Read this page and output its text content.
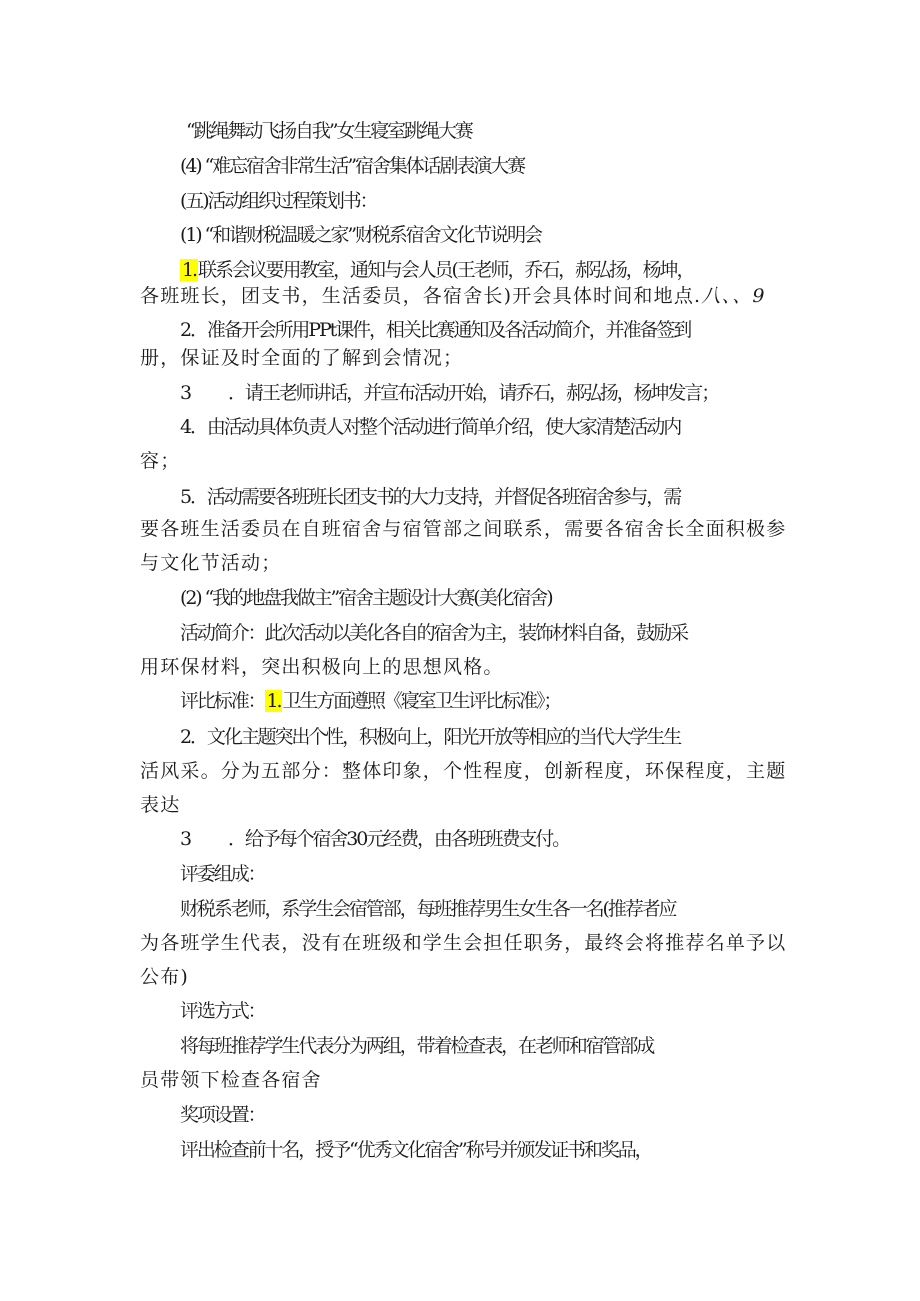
“跳绳舞动飞扬自我”女生寝室跳绳大赛
(4) “难忘宿舍非常生活”宿舍集体话剧表演大赛
(五)活动组织过程策划书：
(1) “和谐财税温暖之家”财税系宿舍文化节说明会
1. 联系会议要用教室，通知与会人员(王老师，乔石，郝弘扬，杨坤，
各班班长，团支书，生活委员，各宿舍长)开会具体时间和地点.八、、9
2．准备开会所用PPt课件，相关比赛通知及各活动简介，并准备签到
册，保证及时全面的了解到会情况；
3 ．请王老师讲话，并宣布活动开始，请乔石，郝弘扬，杨坤发言；
4．由活动具体负责人对整个活动进行简单介绍，使大家清楚活动内
容；
5．活动需要各班班长团支书的大力支持，并督促各班宿舍参与，需
要各班生活委员在自班宿舍与宿管部之间联系，需要各宿舍长全面积极参
与文化节活动；
(2) “我的地盘我做主”宿舍主题设计大赛(美化宿舍)
活动简介：此次活动以美化各自的宿舍为主，装饰材料自备，鼓励采
用环保材料，突出积极向上的思想风格。
评比标准： 1. 卫生方面遵照《寝室卫生评比标准》；
2．文化主题突出个性，积极向上，阳光开放等相应的当代大学生生
活风采。分为五部分：整体印象，个性程度，创新程度，环保程度，主题
表达
3 ．给予每个宿舍30元经费，由各班班费支付。
评委组成：
财税系老师，系学生会宿管部，每班推荐男生女生各一名(推荐者应
为各班学生代表，没有在班级和学生会担任职务，最终会将推荐名单予以
公布)
评选方式：
将每班推荐学生代表分为两组，带着检查表，在老师和宿管部成
员带领下检查各宿舍
奖项设置：
评出检查前十名，授予“优秀文化宿舍”称号并颁发证书和奖品，
